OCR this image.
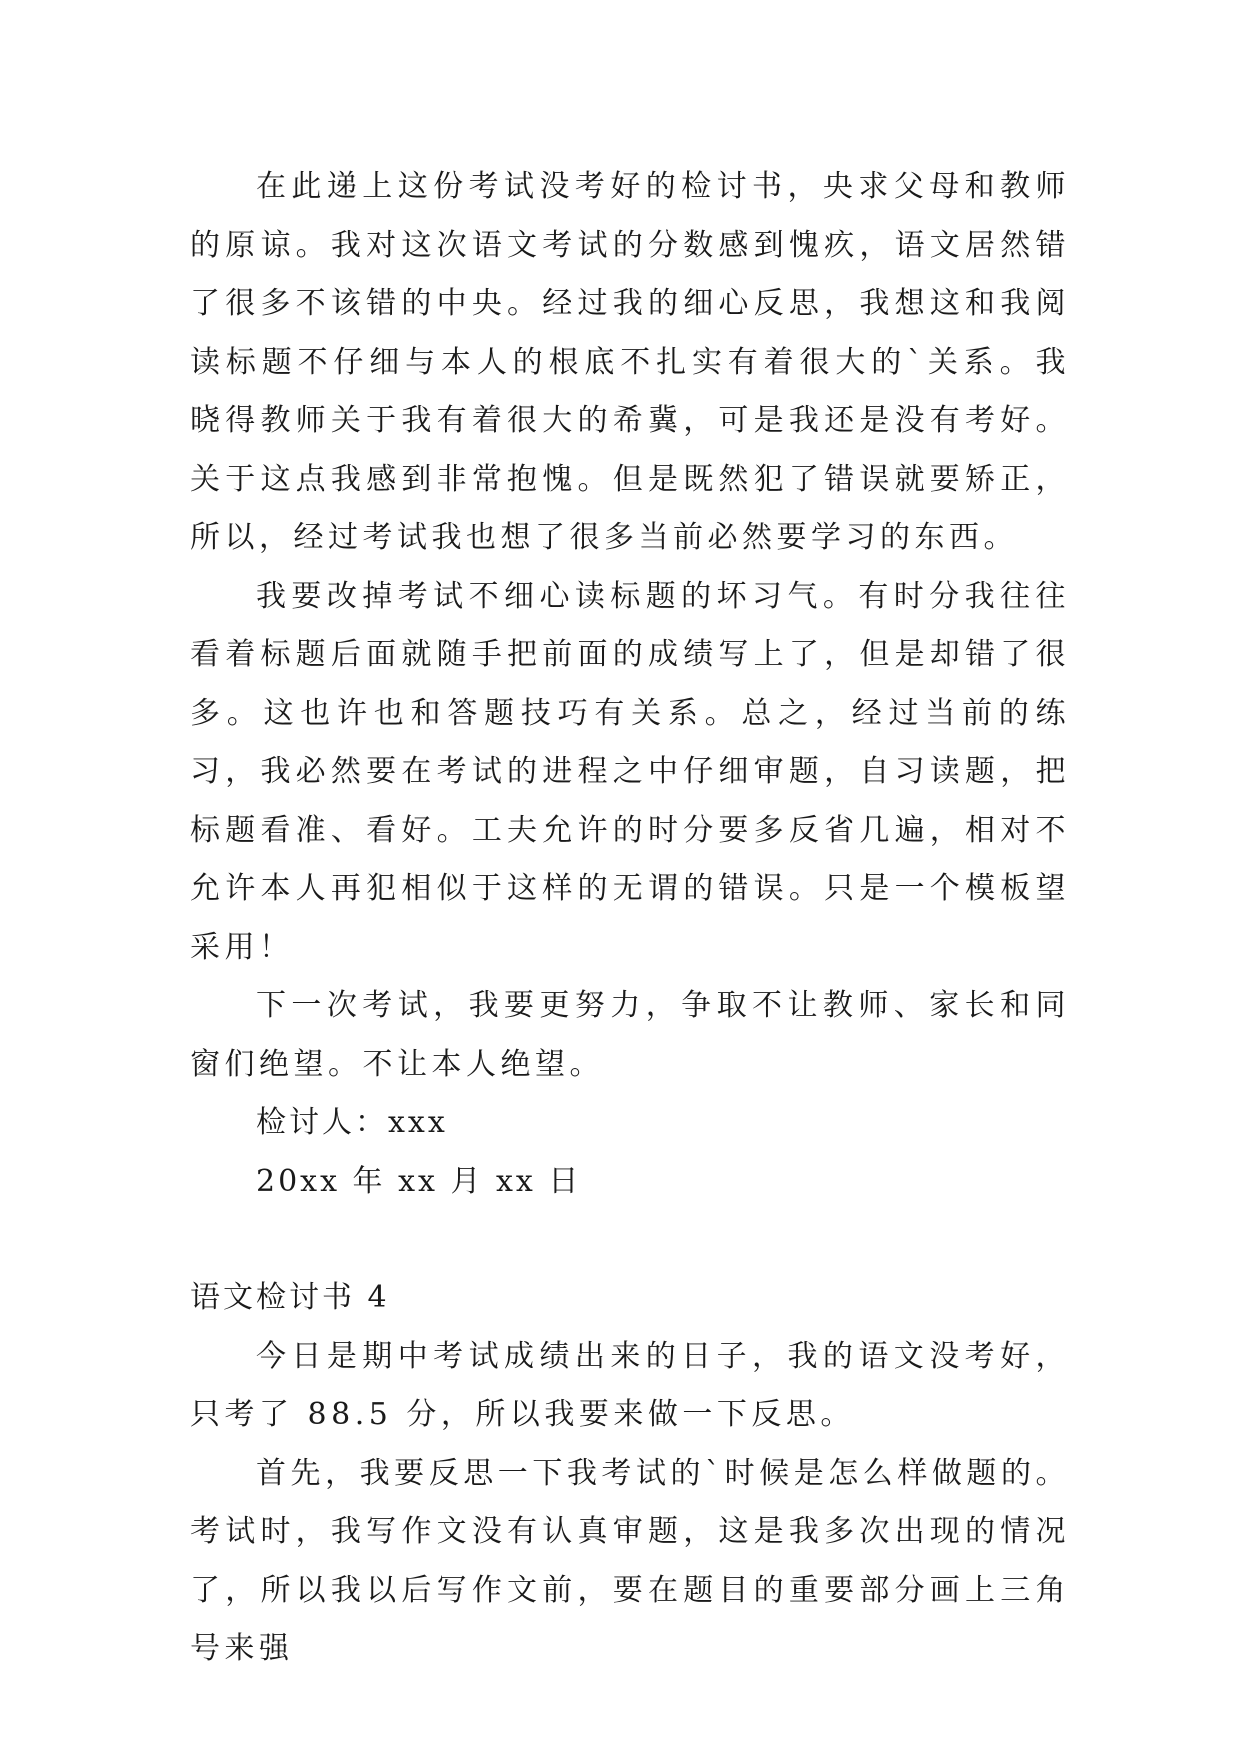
在此递上这份考试没考好的检讨书，央求父母和教师的原谅。我对这次语文考试的分数感到愧疚，语文居然错了很多不该错的中央。经过我的细心反思，我想这和我阅读标题不仔细与本人的根底不扎实有着很大的`关系。我晓得教师关于我有着很大的希冀，可是我还是没有考好。关于这点我感到非常抱愧。但是既然犯了错误就要矫正，所以，经过考试我也想了很多当前必然要学习的东西。

我要改掉考试不细心读标题的坏习气。有时分我往往看着标题后面就随手把前面的成绩写上了，但是却错了很多。这也许也和答题技巧有关系。总之，经过当前的练习，我必然要在考试的进程之中仔细审题，自习读题，把标题看准、看好。工夫允许的时分要多反省几遍，相对不允许本人再犯相似于这样的无谓的错误。只是一个模板望采用！

下一次考试，我要更努力，争取不让教师、家长和同窗们绝望。不让本人绝望。

检讨人：xxx

20xx 年 xx 月 xx 日

语文检讨书 4

今日是期中考试成绩出来的日子，我的语文没考好，只考了 88.5 分，所以我要来做一下反思。

首先，我要反思一下我考试的`时候是怎么样做题的。考试时，我写作文没有认真审题，这是我多次出现的情况了，所以我以后写作文前，要在题目的重要部分画上三角号来强
